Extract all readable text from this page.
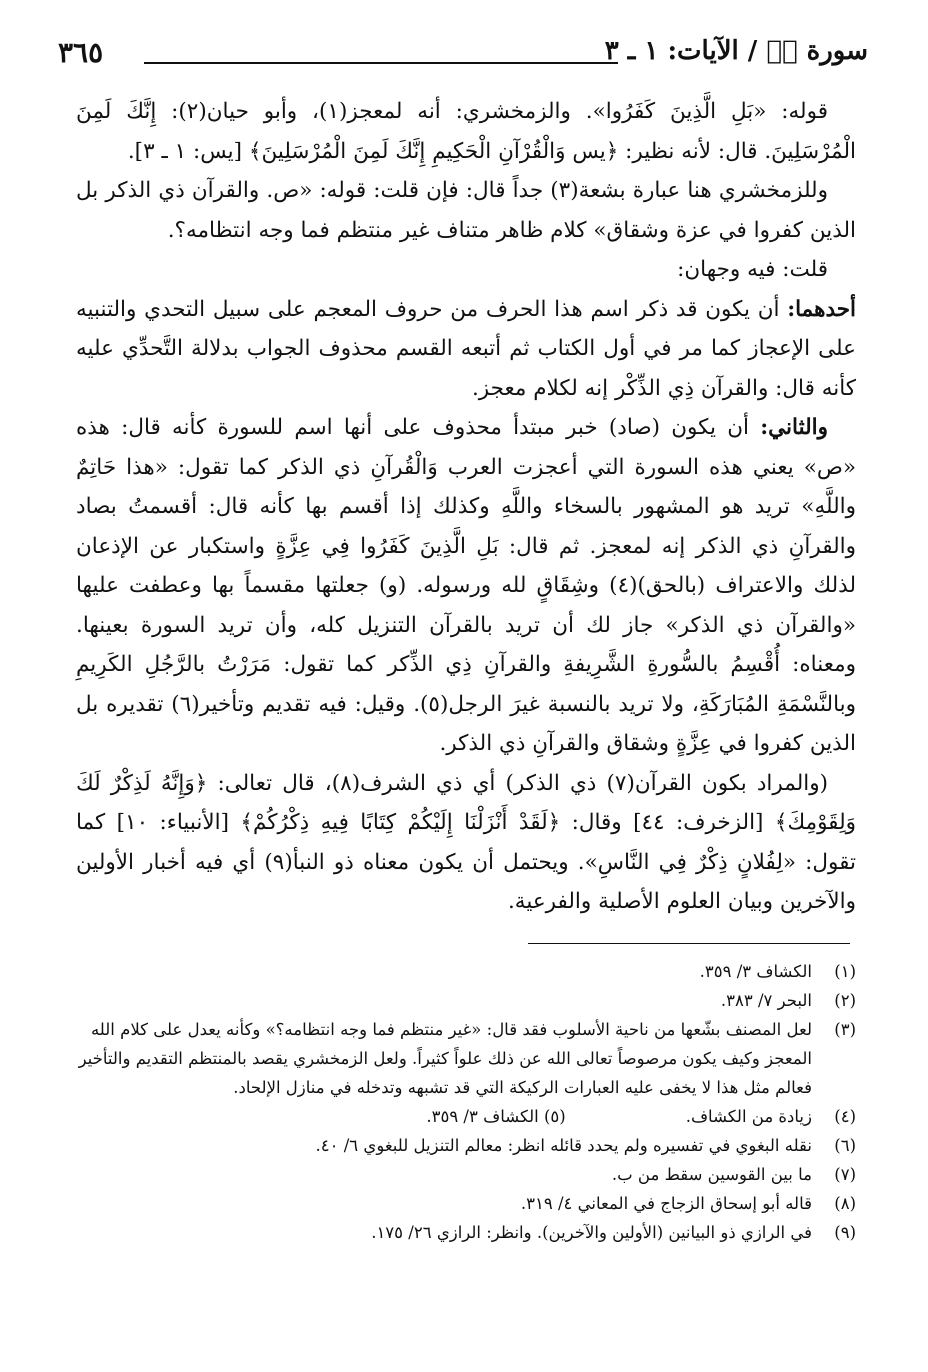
سورة صۤ / الآيات: ١ ـ ٣
٣٦٥

قوله: «بَلِ الَّذِينَ كَفَرُوا». والزمخشري: أنه لمعجز(١)، وأبو حيان(٢): إِنَّكَ لَمِنَ الْمُرْسَلِينَ. قال: لأنه نظير: ﴿يس وَالْقُرْآنِ الْحَكِيمِ إِنَّكَ لَمِنَ الْمُرْسَلِينَ﴾ [يس: ١ ـ ٣].

وللزمخشري هنا عبارة بشعة(٣) جداً قال: فإن قلت: قوله: «ص. والقرآن ذي الذكر بل الذين كفروا في عزة وشقاق» كلام ظاهر متناف غير منتظم فما وجه انتظامه؟.

قلت: فيه وجهان:

أحدهما: أن يكون قد ذكر اسم هذا الحرف من حروف المعجم على سبيل التحدي والتنبيه على الإعجاز كما مر في أول الكتاب ثم أتبعه القسم محذوف الجواب بدلالة التَّحدِّي عليه كأنه قال: والقرآن ذِي الذِّكْر إنه لكلام معجز.

والثاني: أن يكون (صاد) خبر مبتدأ محذوف على أنها اسم للسورة كأنه قال: هذه «ص» يعني هذه السورة التي أعجزت العرب وَالْقُرآنِ ذي الذكر كما تقول: «هذا حَاتِمٌ واللَّهِ» تريد هو المشهور بالسخاء واللَّهِ وكذلك إذا أقسم بها كأنه قال: أقسمتُ بصاد والقرآنِ ذي الذكر إنه لمعجز. ثم قال: بَلِ الَّذِينَ كَفَرُوا فِي عِزَّةٍ واستكبار عن الإذعان لذلك والاعتراف (بالحق)(٤) وشِقَاقٍ لله ورسوله. (و) جعلتها مقسماً بها وعطفت عليها «والقرآن ذي الذكر» جاز لك أن تريد بالقرآن التنزيل كله، وأن تريد السورة بعينها. ومعناه: أُقْسِمُ بالسُّورةِ الشَّرِيفةِ والقرآنِ ذِي الذِّكر كما تقول: مَرَرْتُ بالرَّجُلِ الكَرِيمِ وبالنَّسْمَةِ المُبَارَكَةِ، ولا تريد بالنسبة غيرَ الرجل(٥). وقيل: فيه تقديم وتأخير(٦) تقديره بل الذين كفروا في عِزَّةٍ وشقاق والقرآنِ ذي الذكر.

(والمراد بكون القرآن(٧) ذي الذكر) أي ذي الشرف(٨)، قال تعالى: ﴿وَإِنَّهُ لَذِكْرٌ لَكَ وَلِقَوْمِكَ﴾ [الزخرف: ٤٤] وقال: ﴿لَقَدْ أَنْزَلْنَا إِلَيْكُمْ كِتَابًا فِيهِ ذِكْرُكُمْ﴾ [الأنبياء: ١٠] كما تقول: «لِفُلانٍ ذِكْرٌ فِي النَّاسِ». ويحتمل أن يكون معناه ذو النبأ(٩) أي فيه أخبار الأولين والآخرين وبيان العلوم الأصلية والفرعية.

(١)
الكشاف ٣/ ٣٥٩.
(٢)
البحر ٧/ ٣٨٣.
(٣)
لعل المصنف بشّعها من ناحية الأسلوب فقد قال: «غير منتظم فما وجه انتظامه؟» وكأنه يعدل على كلام الله المعجز وكيف يكون مرصوصاً تعالى الله عن ذلك علواً كثيراً. ولعل الزمخشري يقصد بالمنتظم التقديم والتأخير فعالم مثل هذا لا يخفى عليه العبارات الركيكة التي قد تشبهه وتدخله في منازل الإلحاد.
(٤)
زيادة من الكشاف.(٥) الكشاف ٣/ ٣٥٩.
(٦)
نقله البغوي في تفسيره ولم يحدد قائله انظر: معالم التنزيل للبغوي ٦/ ٤٠.
(٧)
ما بين القوسين سقط من ب.
(٨)
قاله أبو إسحاق الزجاج في المعاني ٤/ ٣١٩.
(٩)
في الرازي ذو البيانين (الأولين والآخرين). وانظر: الرازي ٢٦/ ١٧٥.
